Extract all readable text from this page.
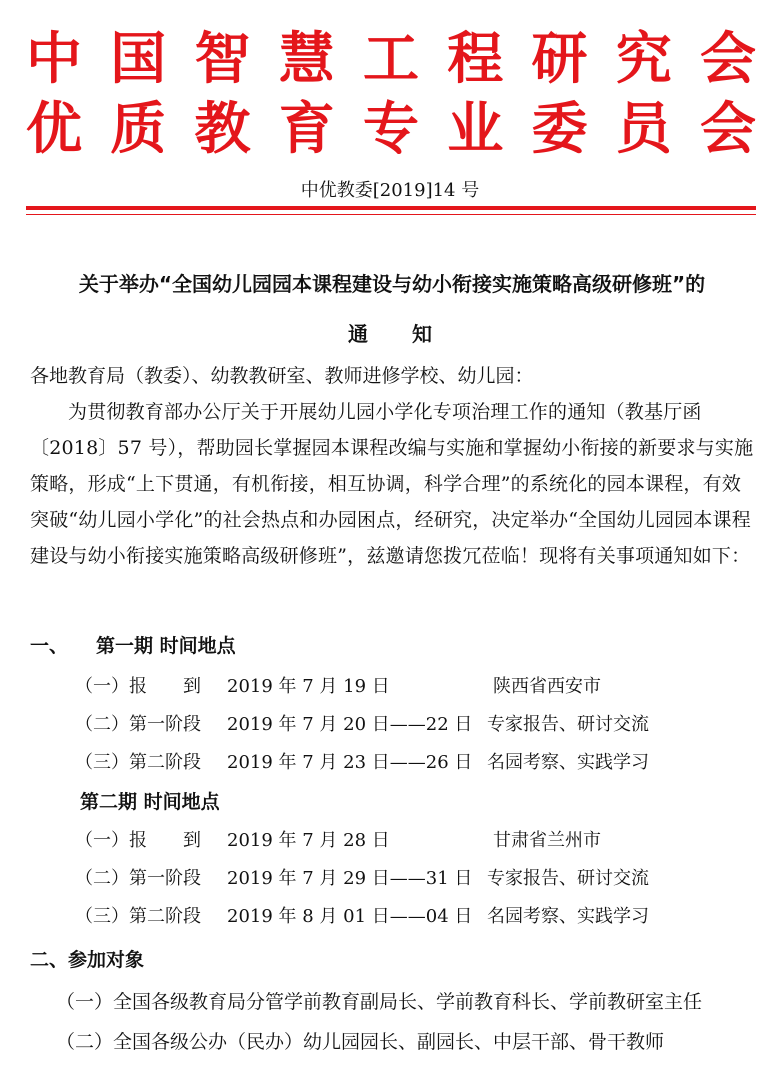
中 国 智 慧 工 程 研 究 会
优 质 教 育 专 业 委 员 会
中优教委[2019]14 号
关于举办“全国幼儿园园本课程建设与幼小衔接实施策略高级研修班”的
通 知
各地教育局（教委）、幼教教研室、教师进修学校、幼儿园：
为贯彻教育部办公厅关于开展幼儿园小学化专项治理工作的通知（教基厅函〔2018〕57 号），帮助园长掌握园本课程改编与实施和掌握幼小衔接的新要求与实施策略，形成“上下贯通，有机衔接，相互协调，科学合理”的系统化的园本课程，有效突破“幼儿园小学化”的社会热点和办园困点，经研究，决定举办“全国幼儿园园本课程建设与幼小衔接实施策略高级研修班”，兹邀请您拨冗莅临！现将有关事项通知如下：
一、 第一期 时间地点
（一）报　　到 2019 年 7 月 19 日	陕西省西安市
（二）第一阶段 2019 年 7 月 20 日——22 日 专家报告、研讨交流
（三）第二阶段 2019 年 7 月 23 日——26 日 名园考察、实践学习
第二期 时间地点
（一）报　　到 2019 年 7 月 28 日	甘肃省兰州市
（二）第一阶段 2019 年 7 月 29 日——31 日 专家报告、研讨交流
（三）第二阶段 2019 年 8 月 01 日——04 日 名园考察、实践学习
二、参加对象
（一）全国各级教育局分管学前教育副局长、学前教育科长、学前教研室主任
（二）全国各级公办（民办）幼儿园园长、副园长、中层干部、骨干教师
